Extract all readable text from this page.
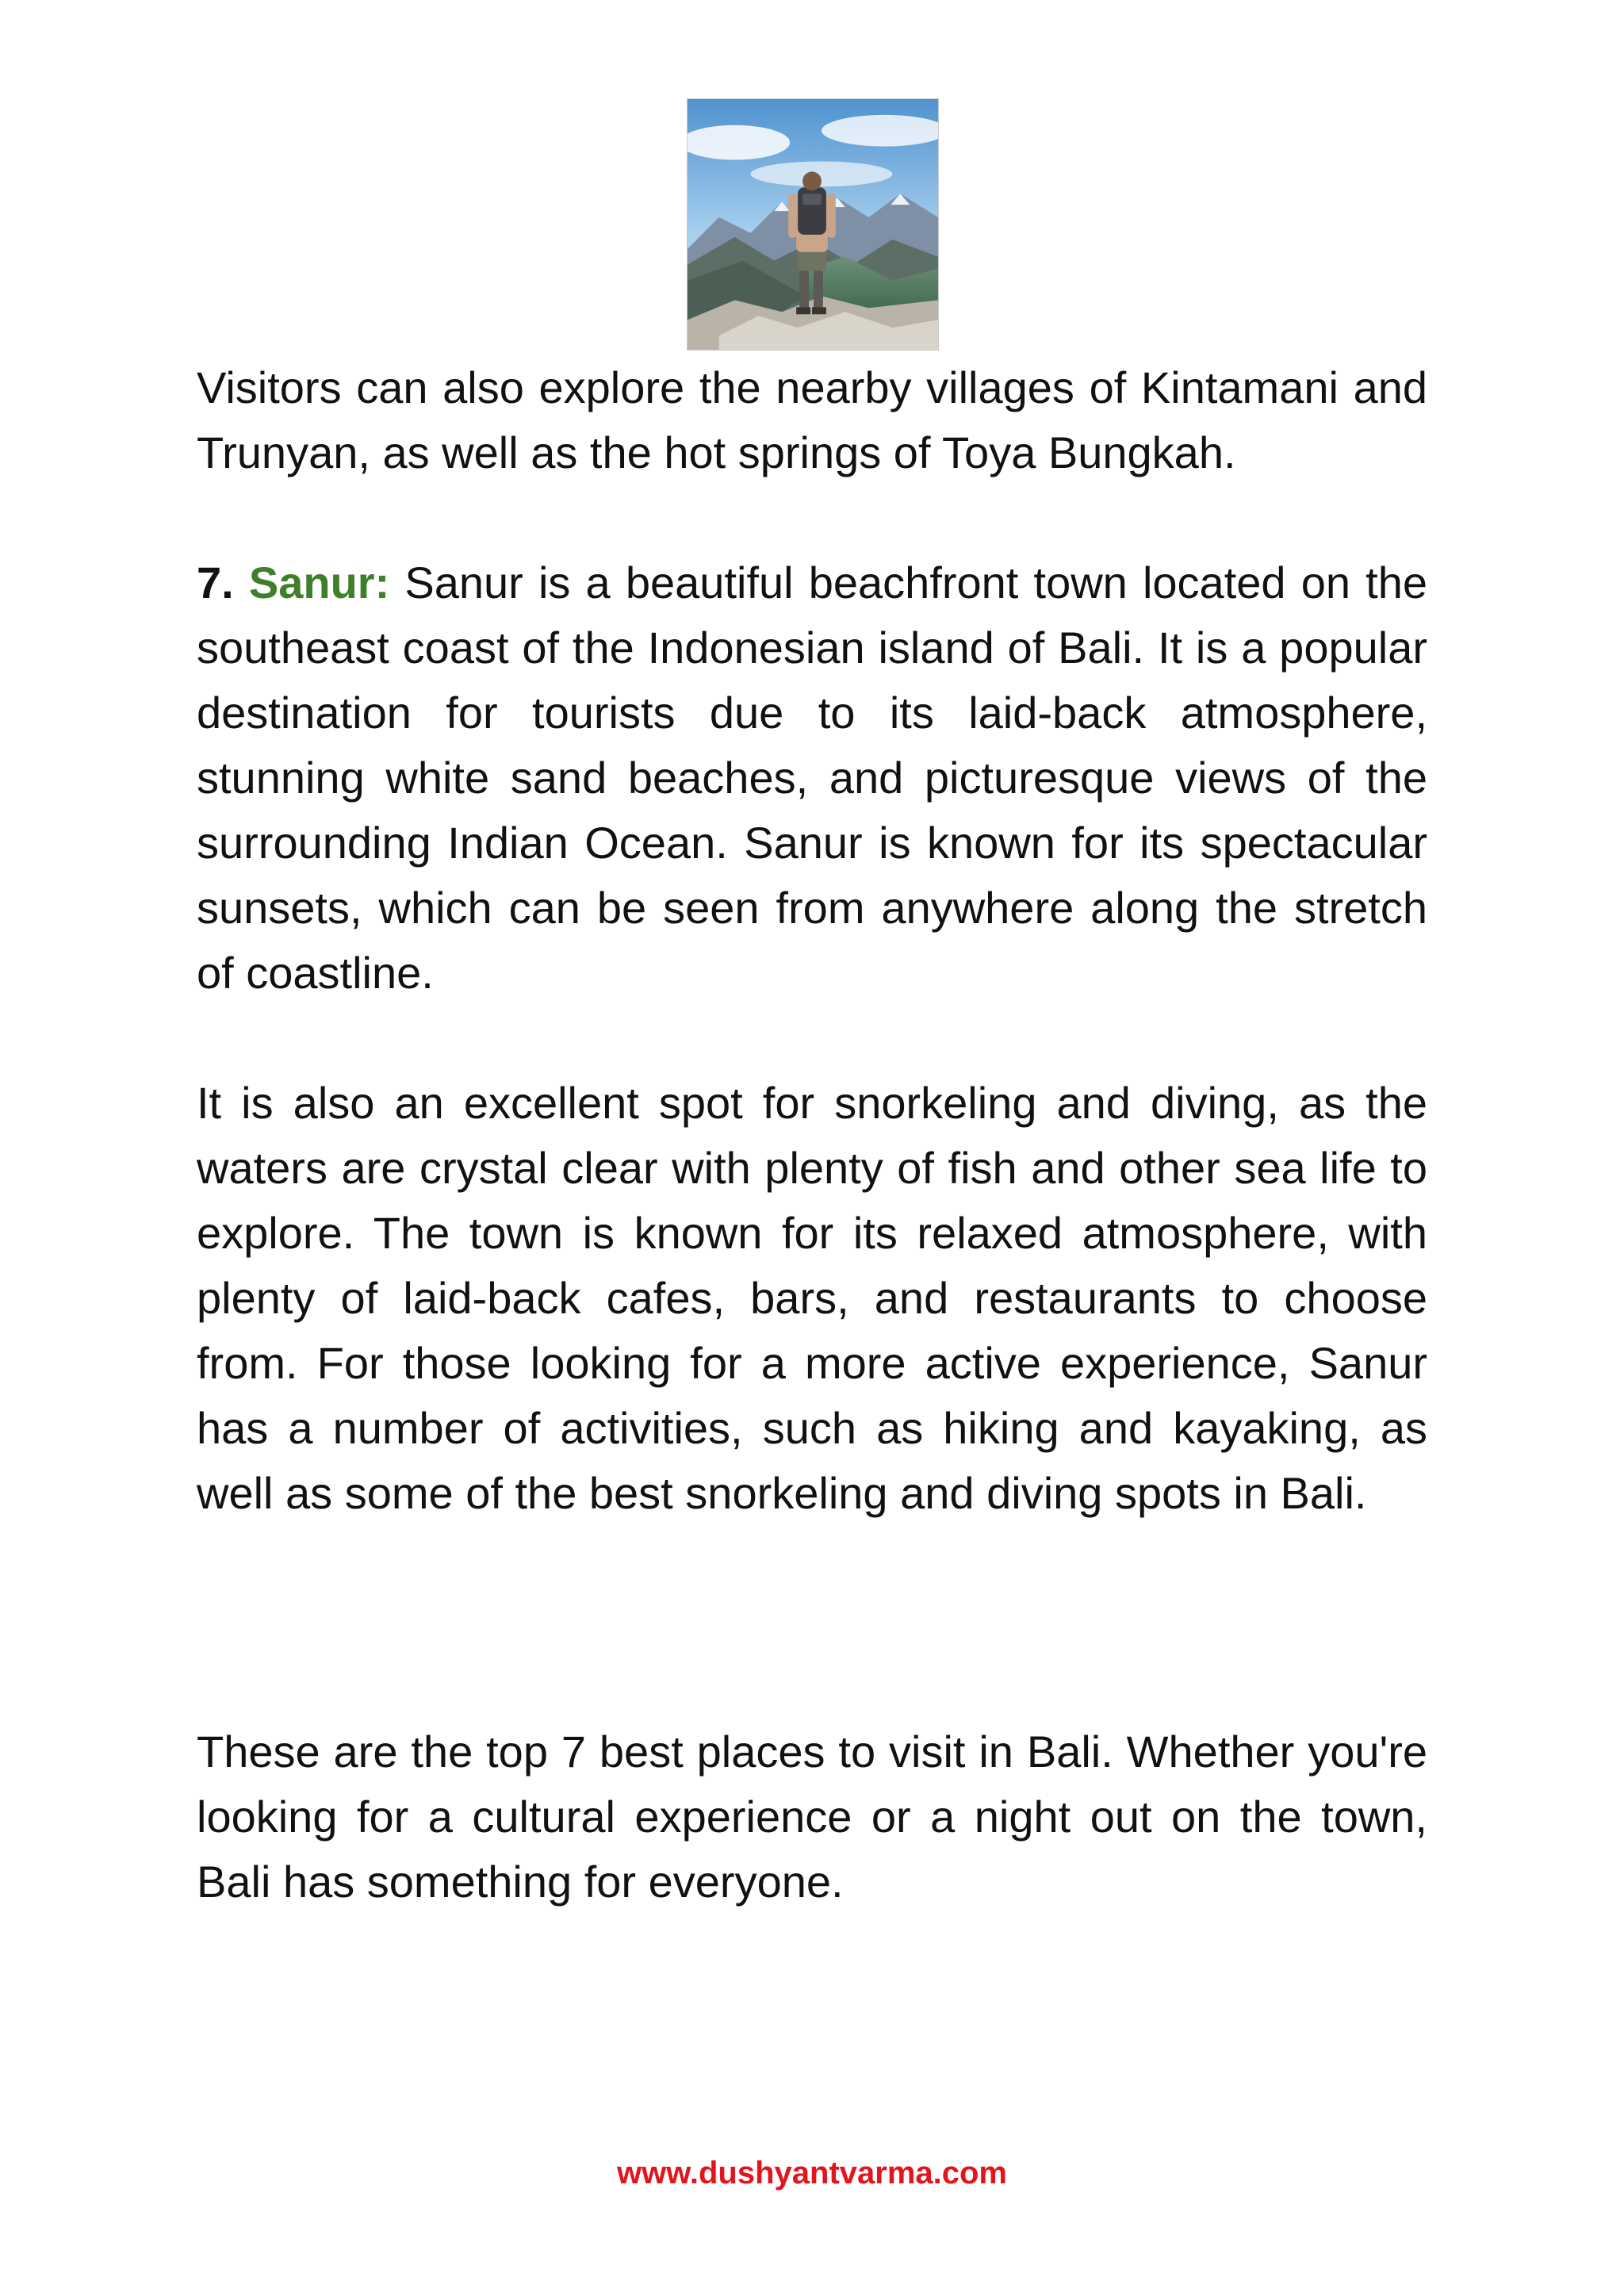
Visitors can also explore the nearby villages of Kintamani and Trunyan, as well as the hot springs of Toya Bungkah.

7. Sanur: Sanur is a beautiful beachfront town located on the southeast coast of the Indonesian island of Bali. It is a popular destination for tourists due to its laid-back atmosphere, stunning white sand beaches, and picturesque views of the surrounding Indian Ocean. Sanur is known for its spectacular sunsets, which can be seen from anywhere along the stretch of coastline.

It is also an excellent spot for snorkeling and diving, as the waters are crystal clear with plenty of fish and other sea life to explore. The town is known for its relaxed atmosphere, with plenty of laid-back cafes, bars, and restaurants to choose from. For those looking for a more active experience, Sanur has a number of activities, such as hiking and kayaking, as well as some of the best snorkeling and diving spots in Bali.

These are the top 7 best places to visit in Bali. Whether you're looking for a cultural experience or a night out on the town, Bali has something for everyone.

www.dushyantvarma.com
